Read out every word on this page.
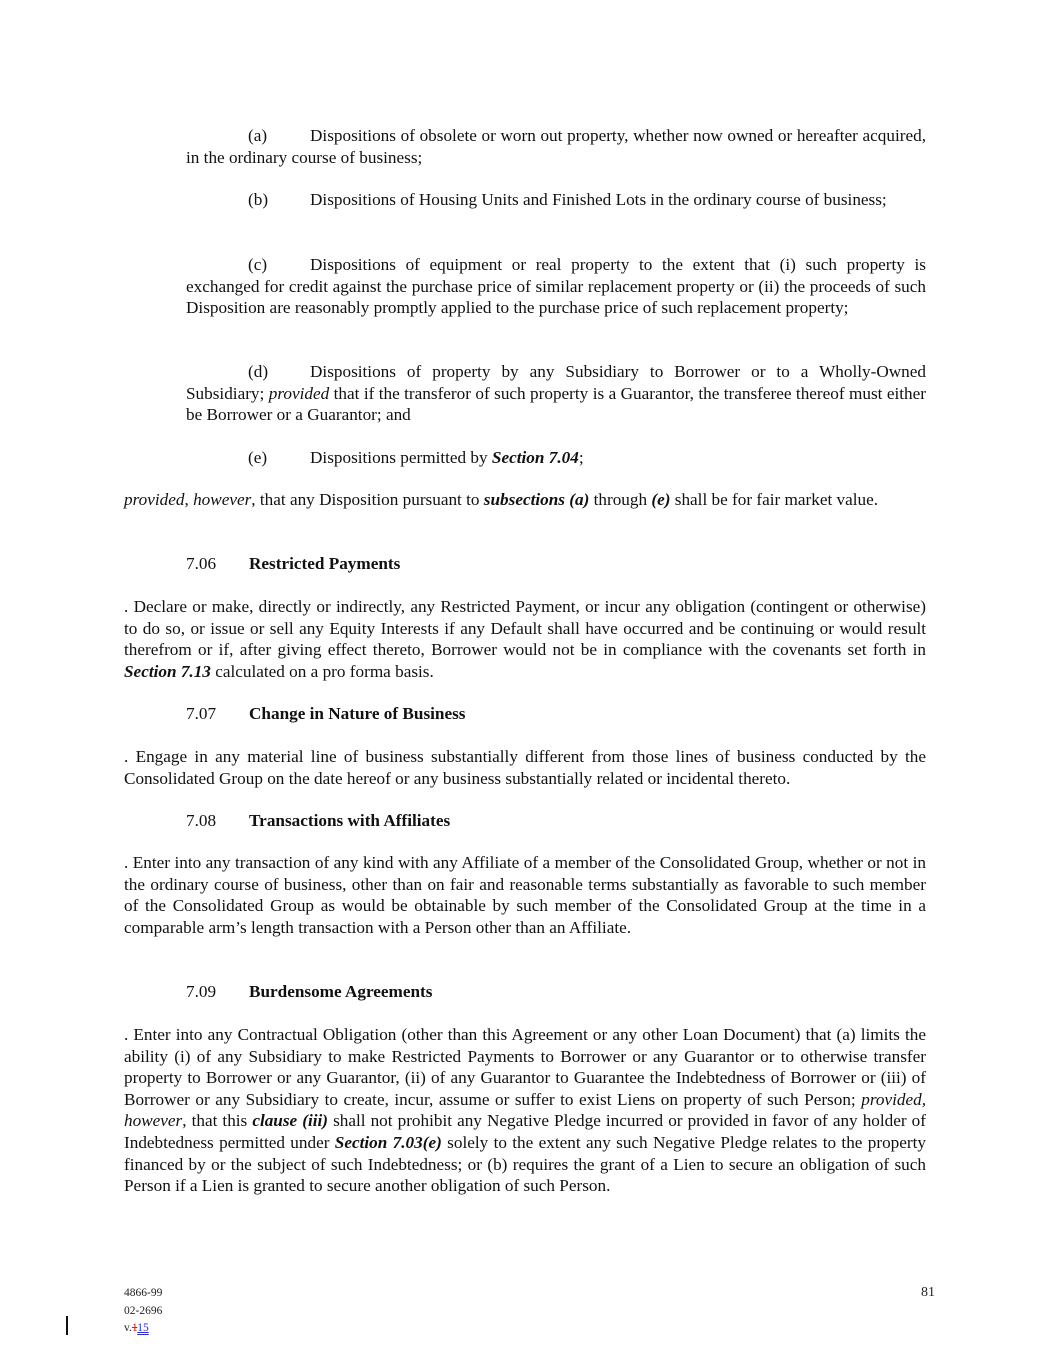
(a) Dispositions of obsolete or worn out property, whether now owned or hereafter acquired, in the ordinary course of business;

(b) Dispositions of Housing Units and Finished Lots in the ordinary course of business;

(c) Dispositions of equipment or real property to the extent that (i) such property is exchanged for credit against the purchase price of similar replacement property or (ii) the proceeds of such Disposition are reasonably promptly applied to the purchase price of such replacement property;

(d) Dispositions of property by any Subsidiary to Borrower or to a Wholly-Owned Subsidiary; provided that if the transferor of such property is a Guarantor, the transferee thereof must either be Borrower or a Guarantor; and

(e) Dispositions permitted by Section 7.04;

provided, however, that any Disposition pursuant to subsections (a) through (e) shall be for fair market value.

7.06 Restricted Payments

. Declare or make, directly or indirectly, any Restricted Payment, or incur any obligation (contingent or otherwise) to do so, or issue or sell any Equity Interests if any Default shall have occurred and be continuing or would result therefrom or if, after giving effect thereto, Borrower would not be in compliance with the covenants set forth in Section 7.13 calculated on a pro forma basis.

7.07 Change in Nature of Business

. Engage in any material line of business substantially different from those lines of business conducted by the Consolidated Group on the date hereof or any business substantially related or incidental thereto.

7.08 Transactions with Affiliates

. Enter into any transaction of any kind with any Affiliate of a member of the Consolidated Group, whether or not in the ordinary course of business, other than on fair and reasonable terms substantially as favorable to such member of the Consolidated Group as would be obtainable by such member of the Consolidated Group at the time in a comparable arm’s length transaction with a Person other than an Affiliate.

7.09 Burdensome Agreements

. Enter into any Contractual Obligation (other than this Agreement or any other Loan Document) that (a) limits the ability (i) of any Subsidiary to make Restricted Payments to Borrower or any Guarantor or to otherwise transfer property to Borrower or any Guarantor, (ii) of any Guarantor to Guarantee the Indebtedness of Borrower or (iii) of Borrower or any Subsidiary to create, incur, assume or suffer to exist Liens on property of such Person; provided, however, that this clause (iii) shall not prohibit any Negative Pledge incurred or provided in favor of any holder of Indebtedness permitted under Section 7.03(e) solely to the extent any such Negative Pledge relates to the property financed by or the subject of such Indebtedness; or (b) requires the grant of a Lien to secure an obligation of such Person if a Lien is granted to secure another obligation of such Person.

4866-99
02-2696
v.115
81
